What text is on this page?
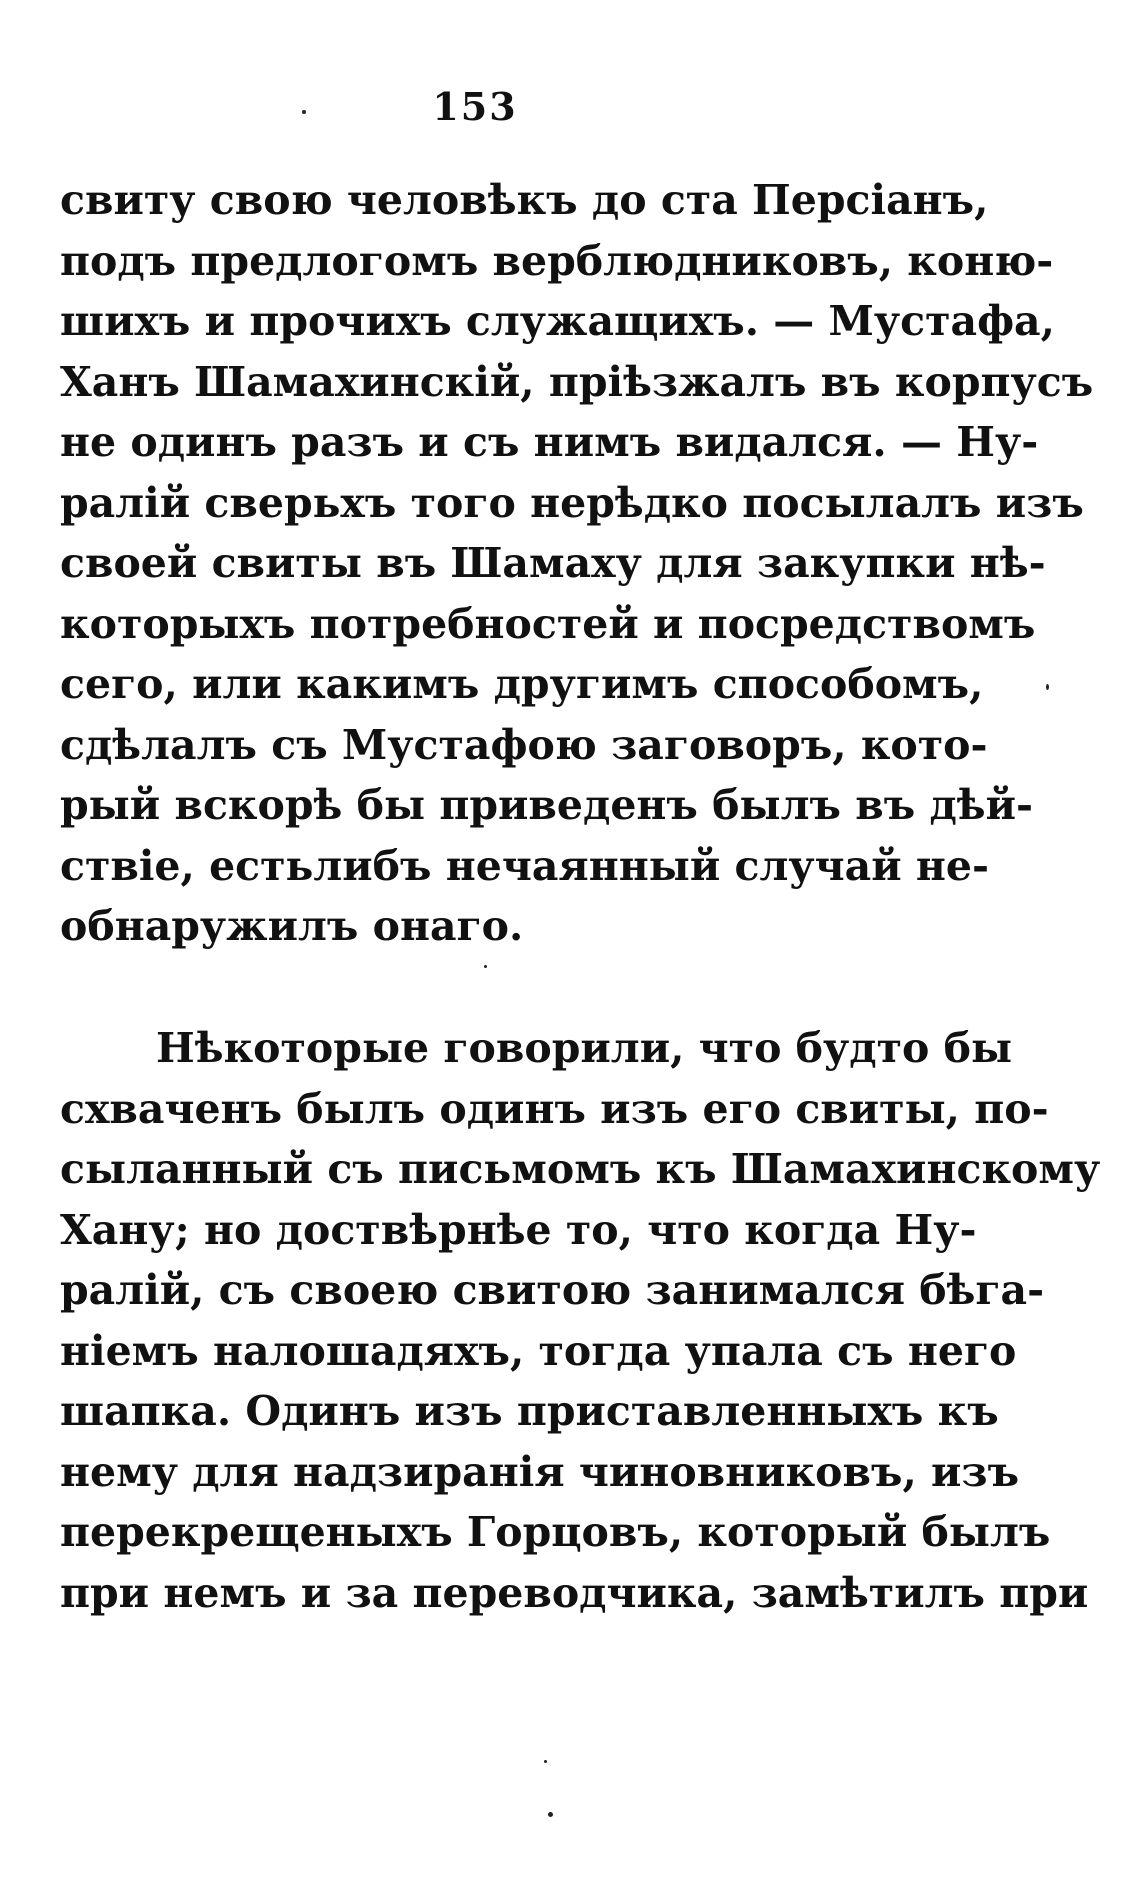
153
свиту свою человѣкъ до ста Персіанъ,
подъ предлогомъ верблюдниковъ, коню-
шихъ и прочихъ служащихъ. — Мустафа,
Ханъ Шамахинскій, пріѣзжалъ въ корпусъ
не одинъ разъ и съ нимъ видался. — Ну-
ралій сверьхъ того нерѣдко посылалъ изъ
своей свиты въ Шамаху для закупки нѣ-
которыхъ потребностей и посредствомъ
сего, или какимъ другимъ способомъ,
сдѣлалъ съ Мустафою заговоръ, кото-
рый вскорѣ бы приведенъ былъ въ дѣй-
ствіе, естьлибъ нечаянный случай не-
обнаружилъ онаго.
Нѣкоторые говорили, что будто бы
схваченъ былъ одинъ изъ его свиты, по-
сыланный съ письмомъ къ Шамахинскому
Хану; но доствѣрнѣе то, что когда Ну-
ралій, съ своею свитою занимался бѣга-
ніемъ налошадяхъ, тогда упала съ него
шапка. Одинъ изъ приставленныхъ къ
нему для надзиранія чиновниковъ, изъ
перекрещеныхъ Горцовъ, который былъ
при немъ и за переводчика, замѣтилъ при
